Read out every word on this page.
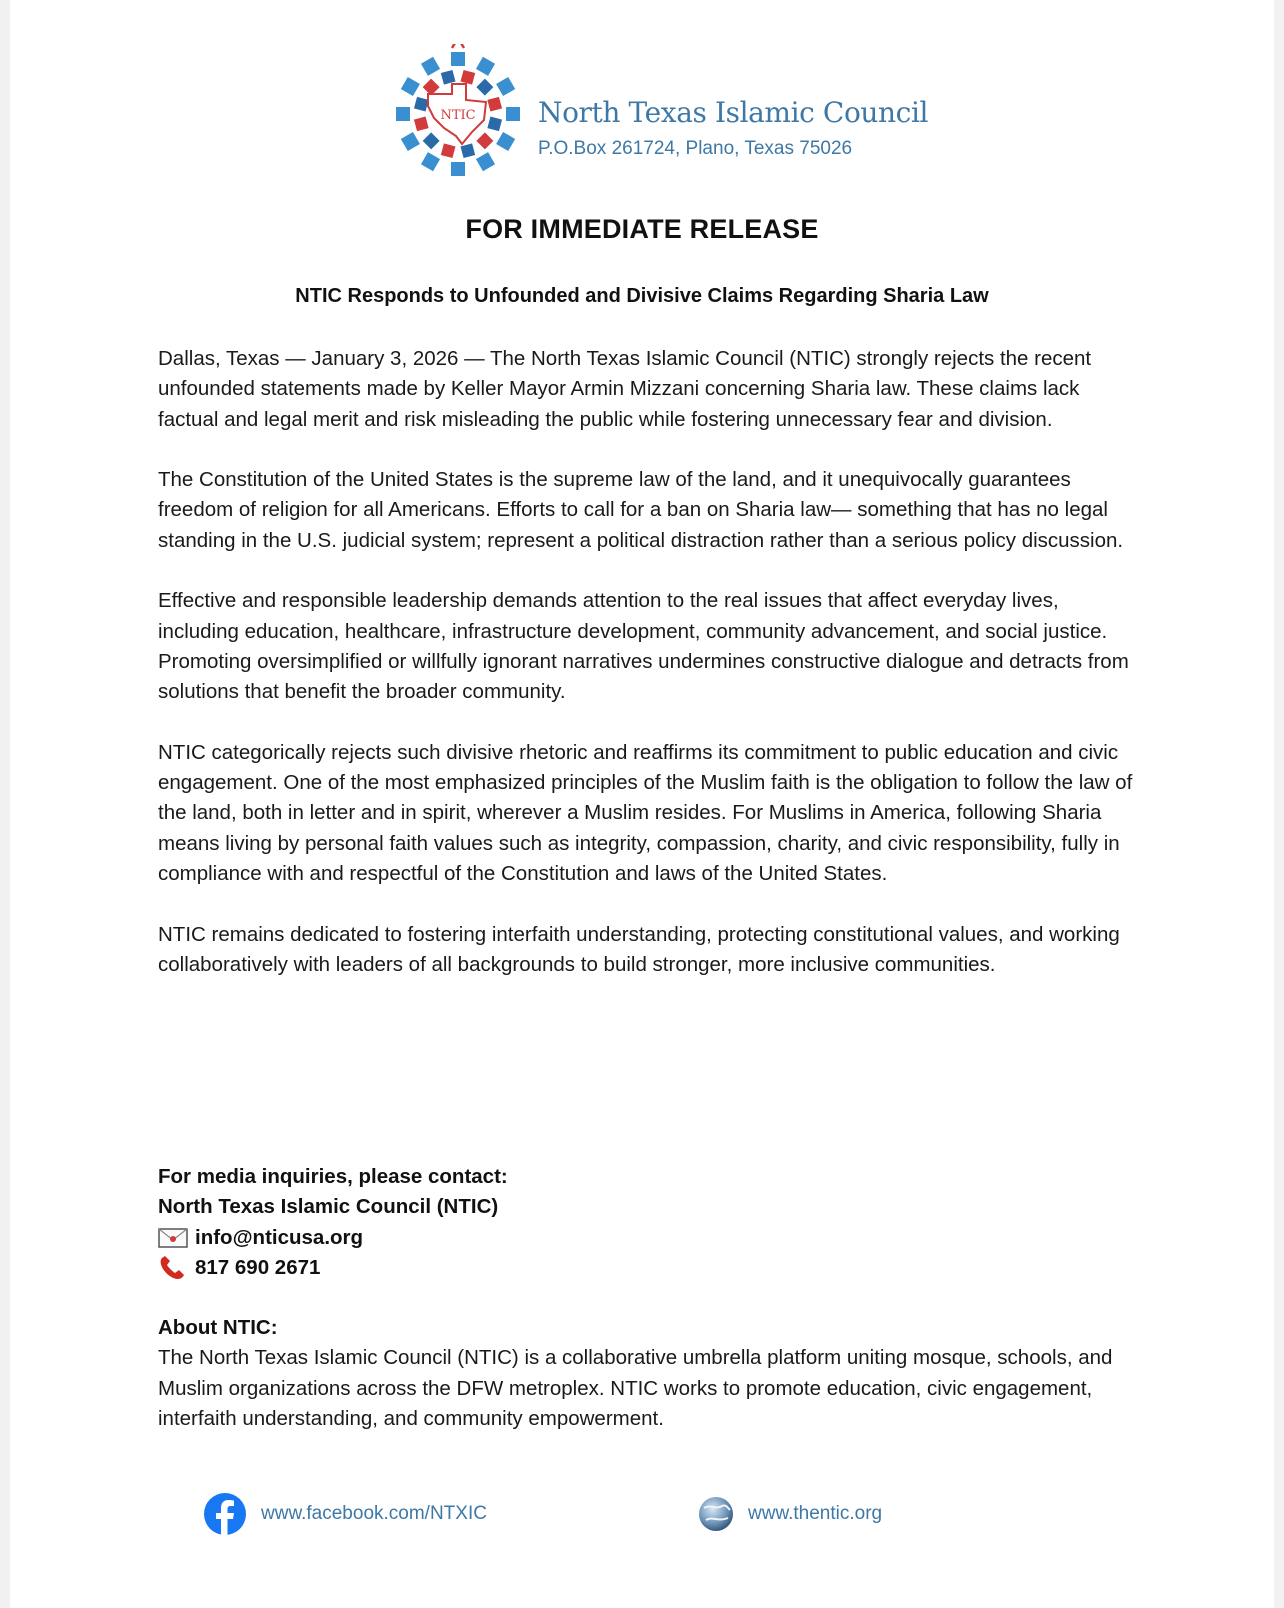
NTIC North Texas Islamic Council
P.O.Box 261724, Plano, Texas 75026
FOR IMMEDIATE RELEASE
NTIC Responds to Unfounded and Divisive Claims Regarding Sharia Law

Dallas, Texas — January 3, 2026 — The North Texas Islamic Council (NTIC) strongly rejects the recent unfounded statements made by Keller Mayor Armin Mizzani concerning Sharia law. These claims lack factual and legal merit and risk misleading the public while fostering unnecessary fear and division.

The Constitution of the United States is the supreme law of the land, and it unequivocally guarantees freedom of religion for all Americans. Efforts to call for a ban on Sharia law— something that has no legal standing in the U.S. judicial system; represent a political distraction rather than a serious policy discussion.

Effective and responsible leadership demands attention to the real issues that affect everyday lives, including education, healthcare, infrastructure development, community advancement, and social justice. Promoting oversimplified or willfully ignorant narratives undermines constructive dialogue and detracts from solutions that benefit the broader community.

NTIC categorically rejects such divisive rhetoric and reaffirms its commitment to public education and civic engagement. One of the most emphasized principles of the Muslim faith is the obligation to follow the law of the land, both in letter and in spirit, wherever a Muslim resides. For Muslims in America, following Sharia means living by personal faith values such as integrity, compassion, charity, and civic responsibility, fully in compliance with and respectful of the Constitution and laws of the United States.

NTIC remains dedicated to fostering interfaith understanding, protecting constitutional values, and working collaboratively with leaders of all backgrounds to build stronger, more inclusive communities.

For media inquiries, please contact:
North Texas Islamic Council (NTIC)
info@nticusa.org
817 690 2671
About NTIC:
The North Texas Islamic Council (NTIC) is a collaborative umbrella platform uniting mosque, schools, and Muslim organizations across the DFW metroplex. NTIC works to promote education, civic engagement, interfaith understanding, and community empowerment.
www.facebook.com/NTXIC	www.thentic.org
